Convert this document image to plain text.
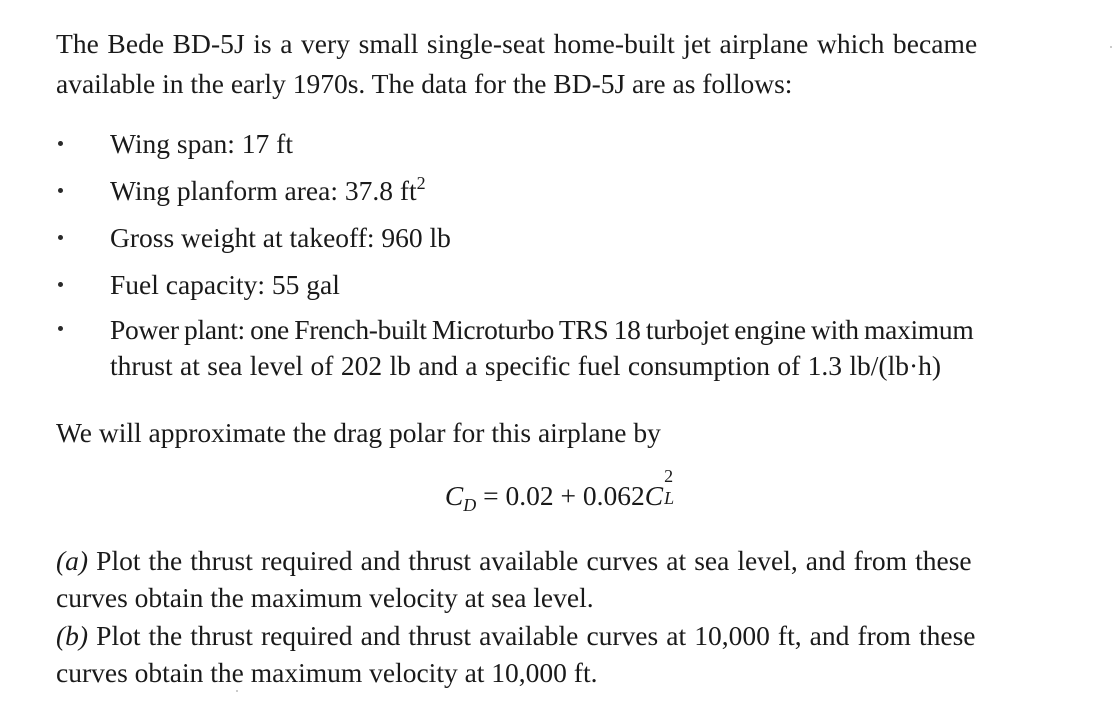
The Bede BD-5J is a very small single-seat home-built jet airplane which became
available in the early 1970s. The data for the BD-5J are as follows:
Wing span: 17 ft
Wing planform area: 37.8 $ft^2$
Gross weight at takeoff: 960 lb
Fuel capacity: 55 gal
Power plant: one French-built Microturbo TRS 18 turbojet engine with maximum
thrust at sea level of 202 lb and a specific fuel consumption of 1.3 lb/(lb·h)
We will approximate the drag polar for this airplane by
$C_D = 0.02 + 0.062C$
2
L
(a) Plot the thrust required and thrust available curves at sea level, and from these
curves obtain the maximum velocity at sea level.
(b) Plot the thrust required and thrust available curves at 10,000 ft, and from these
curves obtain the maximum velocity at 10,000 ft.
